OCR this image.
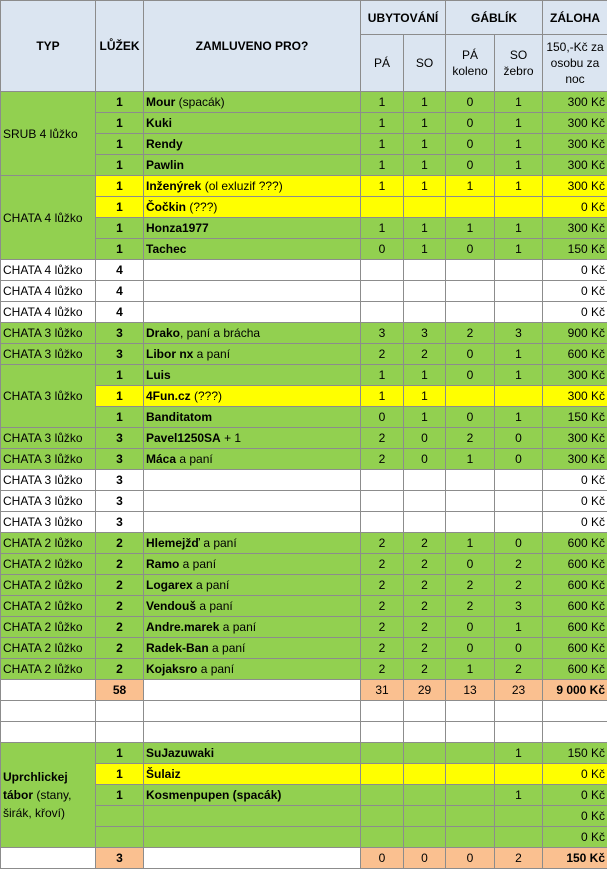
TYP	LŮŽEK	ZAMLUVENO PRO?	UBYTOVÁNÍ		GÁBLÍK		ZÁLOHA
			PÁ	SO	PÁ koleno	SO žebro	150,-Kč za osobu za noc
SRUB 4 lůžko	1	Mour (spacák)	1	1	0	1	300 Kč
	1	Kuki	1	1	0	1	300 Kč
	1	Rendy	1	1	0	1	300 Kč
	1	Pawlin	1	1	0	1	300 Kč
CHATA 4 lůžko	1	Inženýrek (ol exluzif ???)	1	1	1	1	300 Kč
	1	Čočkin (???)					0 Kč
	1	Honza1977	1	1	1	1	300 Kč
	1	Tachec	0	1	0	1	150 Kč
CHATA 4 lůžko	4						0 Kč
CHATA 4 lůžko	4						0 Kč
CHATA 4 lůžko	4						0 Kč
CHATA 3 lůžko	3	Drako, paní a brácha	3	3	2	3	900 Kč
CHATA 3 lůžko	3	Libor nx a paní	2	2	0	1	600 Kč
CHATA 3 lůžko	1	Luis	1	1	0	1	300 Kč
	1	4Fun.cz (???)	1	1			300 Kč
	1	Banditatom	0	1	0	1	150 Kč
CHATA 3 lůžko	3	Pavel1250SA + 1	2	0	2	0	300 Kč
CHATA 3 lůžko	3	Máca a paní	2	0	1	0	300 Kč
CHATA 3 lůžko	3						0 Kč
CHATA 3 lůžko	3						0 Kč
CHATA 3 lůžko	3						0 Kč
CHATA 2 lůžko	2	Hlemejžď a paní	2	2	1	0	600 Kč
CHATA 2 lůžko	2	Ramo a paní	2	2	0	2	600 Kč
CHATA 2 lůžko	2	Logarex a paní	2	2	2	2	600 Kč
CHATA 2 lůžko	2	Vendouš a paní	2	2	2	3	600 Kč
CHATA 2 lůžko	2	Andre.marek a paní	2	2	0	1	600 Kč
CHATA 2 lůžko	2	Radek-Ban a paní	2	2	0	0	600 Kč
CHATA 2 lůžko	2	Kojaksro a paní	2	2	1	2	600 Kč
	58		31	29	13	23	9 000 Kč

Uprchlickej tábor (stany, širák, křoví)	1	SuJazuwaki				1	150 Kč
	1	Šulaiz					0 Kč
	1	Kosmenpupen (spacák)				1	0 Kč
							0 Kč
							0 Kč
	3		0	0	0	2	150 Kč
